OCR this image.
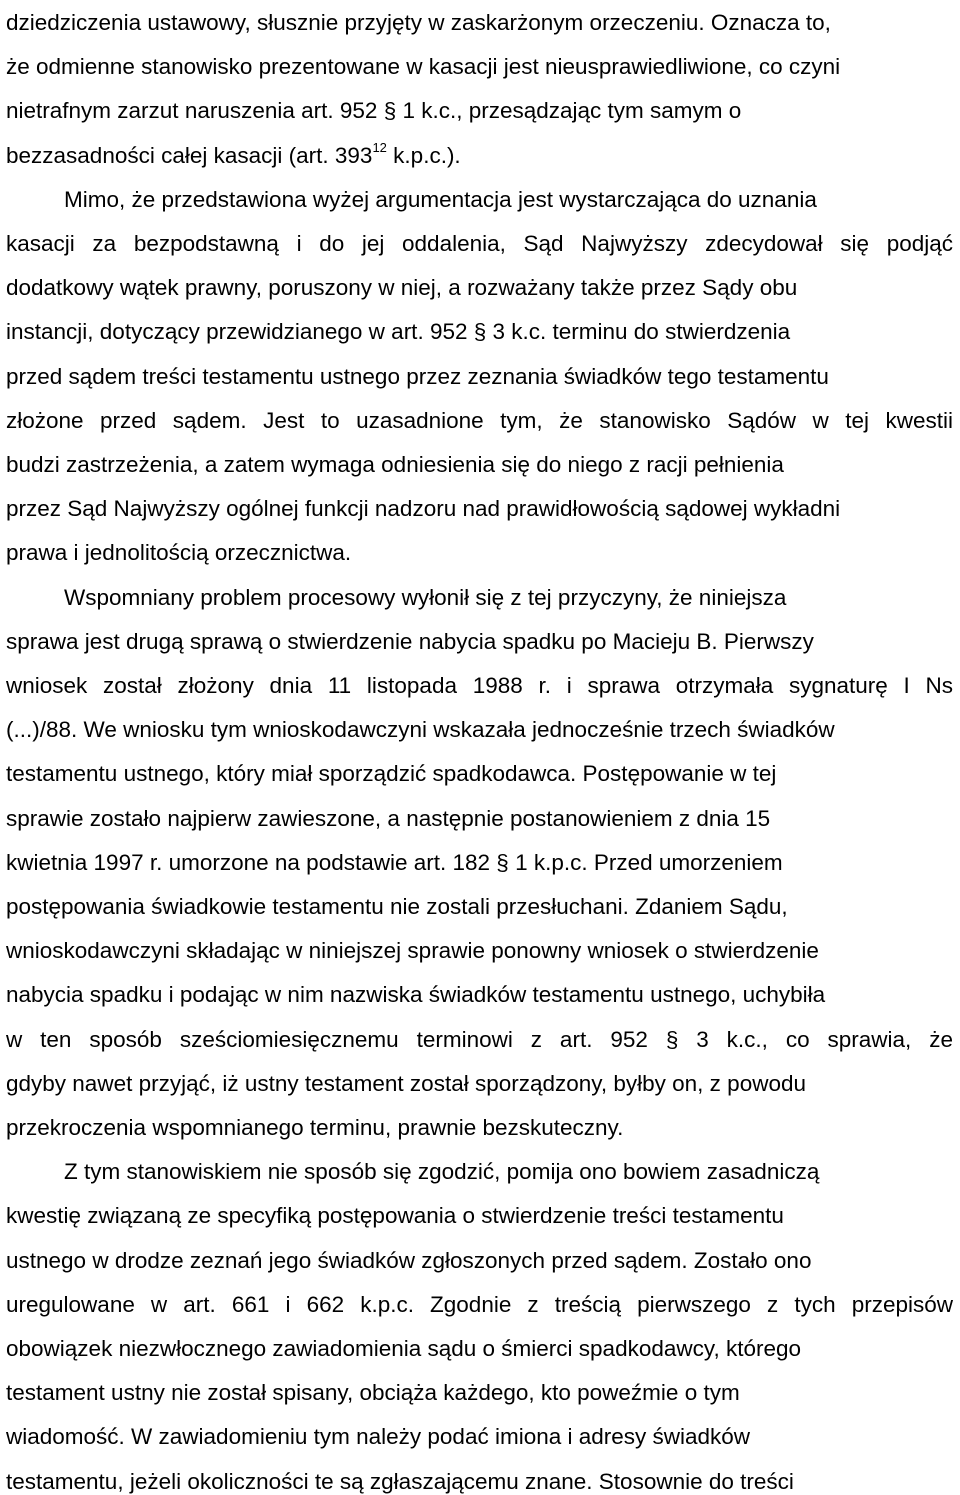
dziedziczenia ustawowy, słusznie przyjęty w zaskarżonym orzeczeniu. Oznacza to,
że odmienne stanowisko prezentowane w kasacji jest nieusprawiedliwione, co czyni
nietrafnym zarzut naruszenia art. 952 § 1 k.c., przesądzając tym samym o
bezzasadności całej kasacji (art. $393^{12}$ k.p.c.).
Mimo, że przedstawiona wyżej argumentacja jest wystarczająca do uznania
kasacji za bezpodstawną i do jej oddalenia, Sąd Najwyższy zdecydował się podjąć
dodatkowy wątek prawny, poruszony w niej, a rozważany także przez Sądy obu
instancji, dotyczący przewidzianego w art. 952 § 3 k.c. terminu do stwierdzenia
przed sądem treści testamentu ustnego przez zeznania świadków tego testamentu
złożone przed sądem. Jest to uzasadnione tym, że stanowisko Sądów w tej kwestii
budzi zastrzeżenia, a zatem wymaga odniesienia się do niego z racji pełnienia
przez Sąd Najwyższy ogólnej funkcji nadzoru nad prawidłowością sądowej wykładni
prawa i jednolitością orzecznictwa.
Wspomniany problem procesowy wyłonił się z tej przyczyny, że niniejsza
sprawa jest drugą sprawą o stwierdzenie nabycia spadku po Macieju B. Pierwszy
wniosek został złożony dnia 11 listopada 1988 r. i sprawa otrzymała sygnaturę I Ns
(...)/88. We wniosku tym wnioskodawczyni wskazała jednocześnie trzech świadków
testamentu ustnego, który miał sporządzić spadkodawca. Postępowanie w tej
sprawie zostało najpierw zawieszone, a następnie postanowieniem z dnia 15
kwietnia 1997 r. umorzone na podstawie art. 182 § 1 k.p.c. Przed umorzeniem
postępowania świadkowie testamentu nie zostali przesłuchani. Zdaniem Sądu,
wnioskodawczyni składając w niniejszej sprawie ponowny wniosek o stwierdzenie
nabycia spadku i podając w nim nazwiska świadków testamentu ustnego, uchybiła
w ten sposób sześciomiesięcznemu terminowi z art. 952 § 3 k.c., co sprawia, że
gdyby nawet przyjąć, iż ustny testament został sporządzony, byłby on, z powodu
przekroczenia wspomnianego terminu, prawnie bezskuteczny.
Z tym stanowiskiem nie sposób się zgodzić, pomija ono bowiem zasadniczą
kwestię związaną ze specyfiką postępowania o stwierdzenie treści testamentu
ustnego w drodze zeznań jego świadków zgłoszonych przed sądem. Zostało ono
uregulowane w art. 661 i 662 k.p.c. Zgodnie z treścią pierwszego z tych przepisów
obowiązek niezwłocznego zawiadomienia sądu o śmierci spadkodawcy, którego
testament ustny nie został spisany, obciąża każdego, kto poweźmie o tym
wiadomość. W zawiadomieniu tym należy podać imiona i adresy świadków
testamentu, jeżeli okoliczności te są zgłaszającemu znane. Stosownie do treści
